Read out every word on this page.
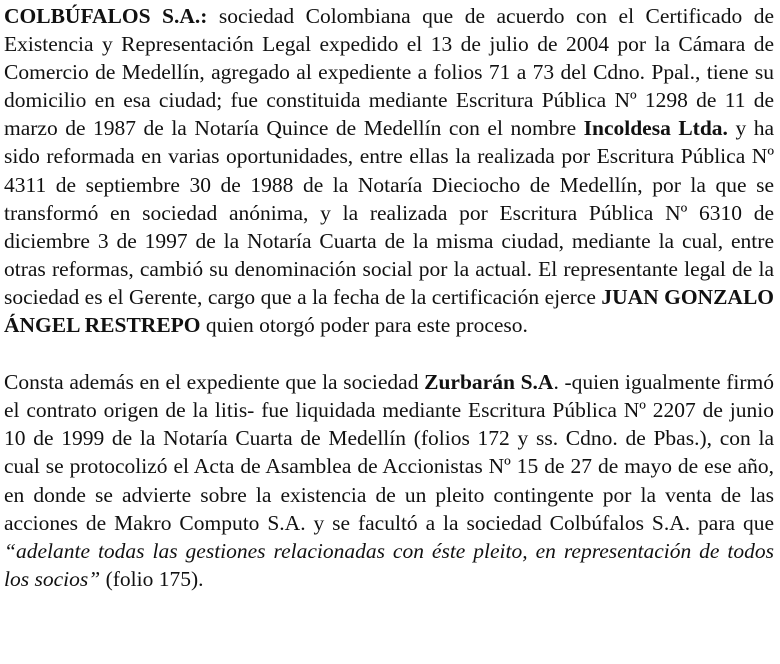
COLBÚFALOS S.A.: sociedad Colombiana que de acuerdo con el Certificado de Existencia y Representación Legal expedido el 13 de julio de 2004 por la Cámara de Comercio de Medellín, agregado al expediente a folios 71 a 73 del Cdno. Ppal., tiene su domicilio en esa ciudad; fue constituida mediante Escritura Pública Nº 1298 de 11 de marzo de 1987 de la Notaría Quince de Medellín con el nombre Incoldesa Ltda. y ha sido reformada en varias oportunidades, entre ellas la realizada por Escritura Pública Nº 4311 de septiembre 30 de 1988 de la Notaría Dieciocho de Medellín, por la que se transformó en sociedad anónima, y la realizada por Escritura Pública Nº 6310 de diciembre 3 de 1997 de la Notaría Cuarta de la misma ciudad, mediante la cual, entre otras reformas, cambió su denominación social por la actual. El representante legal de la sociedad es el Gerente, cargo que a la fecha de la certificación ejerce JUAN GONZALO ÁNGEL RESTREPO quien otorgó poder para este proceso.

Consta además en el expediente que la sociedad Zurbarán S.A. -quien igualmente firmó el contrato origen de la litis- fue liquidada mediante Escritura Pública Nº 2207 de junio 10 de 1999 de la Notaría Cuarta de Medellín (folios 172 y ss. Cdno. de Pbas.), con la cual se protocolizó el Acta de Asamblea de Accionistas Nº 15 de 27 de mayo de ese año, en donde se advierte sobre la existencia de un pleito contingente por la venta de las acciones de Makro Computo S.A. y se facultó a la sociedad Colbúfalos S.A. para que “adelante todas las gestiones relacionadas con éste pleito, en representación de todos los socios” (folio 175).
